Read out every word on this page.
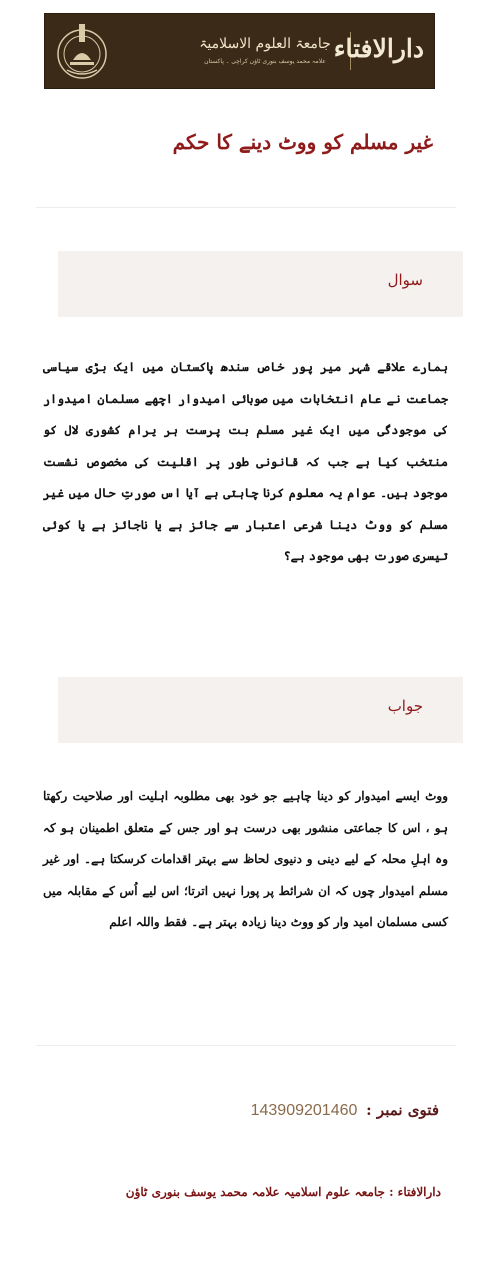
جامعۃ العلوم الاسلامیۃ
علامہ محمد یوسف بنوری ٹاؤن کراچی ۔ پاکستان دارالافتاء
غیر مسلم کو ووٹ دینے کا حکم
سوال
ہمارے علاقے شہر میر پور خاص سندھ پاکستان میں ایک بڑی سیاسی جماعت نے عام انتخابات میں صوبائی امیدوار اچھے مسلمان امیدوار کی موجودگی میں ایک غیر مسلم بت پرست ہر یرام کشوری لال کو منتخب کیا ہے جب کہ قانونی طور پر اقلیت کی مخصوص نشست موجود ہیں۔ عوام یہ معلوم کرنا چاہتی ہے آیا اس صورتِ حال میں غیر مسلم کو ووٹ دینا شرعی اعتبار سے جائز ہے یا ناجائز ہے یا کوئی تیسری صورت بھی موجود ہے؟
جواب
ووٹ ایسے امیدوار کو دینا چاہیے جو خود بھی مطلوبہ اہلیت اور صلاحیت رکھتا ہو ، اس کا جماعتی منشور بھی درست ہو اور جس کے متعلق اطمینان ہو کہ وہ اہلِ محلہ کے لیے دینی و دنیوی لحاظ سے بہتر اقدامات کرسکتا ہے۔ اور غیر مسلم امیدوار چوں کہ ان شرائط پر پورا نہیں اترتا؛ اس لیے اُس کے مقابلہ میں کسی مسلمان امید وار کو ووٹ دینا زیادہ بہتر ہے۔ فقط واللہ اعلم
فتوی نمبر : 143909201460
دارالافتاء : جامعہ علوم اسلامیہ علامہ محمد یوسف بنوری ٹاؤن
